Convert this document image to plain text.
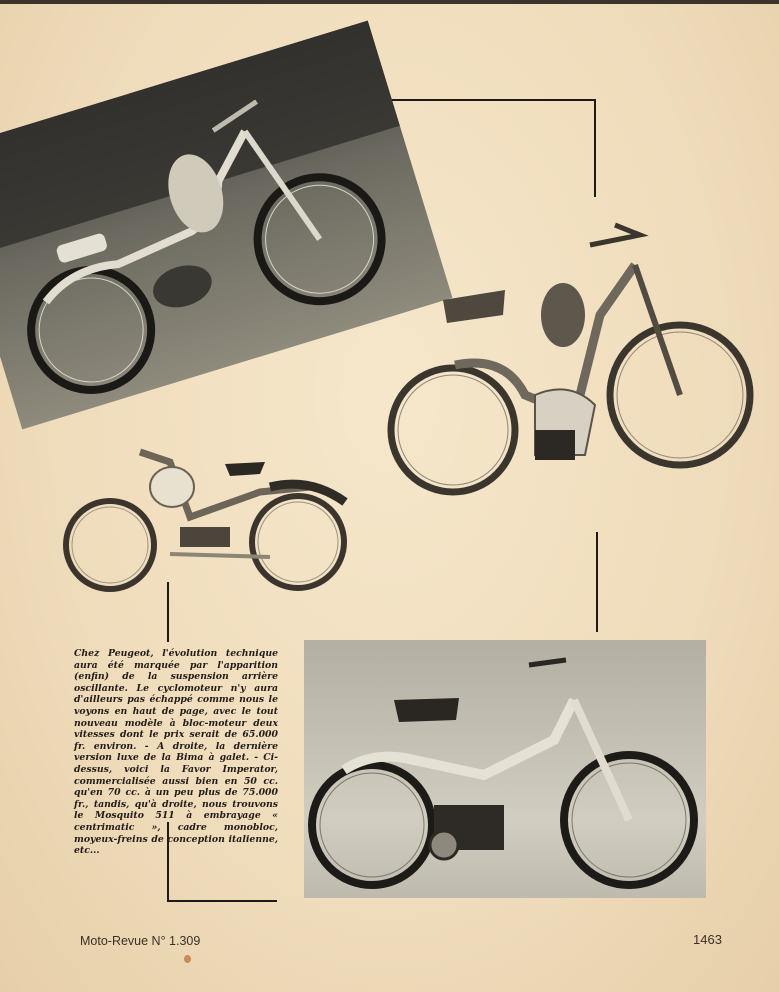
Chez Peugeot, l'évolution technique aura été marquée par l'apparition (enfin) de la suspension arrière oscillante. Le cyclomoteur n'y aura d'ailleurs pas échappé comme nous le voyons en haut de page, avec le tout nouveau modèle à bloc-moteur deux vitesses dont le prix serait de 65.000 fr. environ. - A droite, la dernière version luxe de la Bima à galet. - Ci-dessus, voici la Favor Imperator, commercialisée aussi bien en 50 cc. qu'en 70 cc. à un peu plus de 75.000 fr., tandis, qu'à droite, nous trouvons le Mosquito 511 à embrayage « centrimatic », cadre monobloc, moyeux-freins de conception italienne, etc...
Moto-Revue N° 1.309	1463
